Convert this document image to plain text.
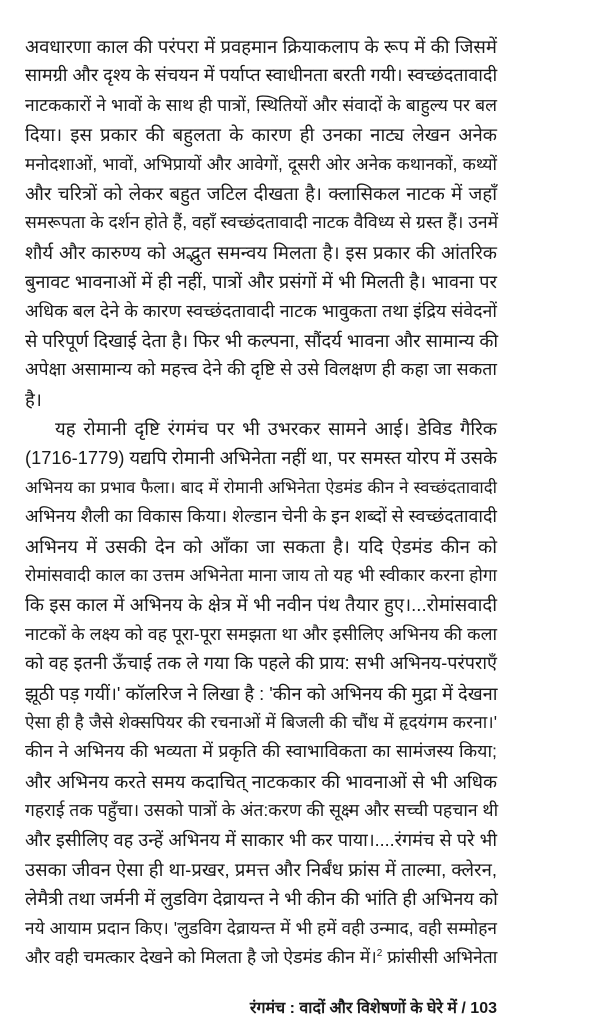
अवधारणा काल की परंपरा में प्रवहमान क्रियाकलाप के रूप में की जिसमें
सामग्री और दृश्य के संचयन में पर्याप्त स्वाधीनता बरती गयी। स्वच्छंदतावादी
नाटककारों ने भावों के साथ ही पात्रों, स्थितियों और संवादों के बाहुल्य पर बल
दिया। इस प्रकार की बहुलता के कारण ही उनका नाट्य लेखन अनेक
मनोदशाओं, भावों, अभिप्रायों और आवेगों, दूसरी ओर अनेक कथानकों, कथ्यों
और चरित्रों को लेकर बहुत जटिल दीखता है। क्लासिकल नाटक में जहाँ
समरूपता के दर्शन होते हैं, वहाँ स्वच्छंदतावादी नाटक वैविध्य से ग्रस्त हैं। उनमें
शौर्य और कारुण्य को अद्भुत समन्वय मिलता है। इस प्रकार की आंतरिक
बुनावट भावनाओं में ही नहीं, पात्रों और प्रसंगों में भी मिलती है। भावना पर
अधिक बल देने के कारण स्वच्छंदतावादी नाटक भावुकता तथा इंद्रिय संवेदनों
से परिपूर्ण दिखाई देता है। फिर भी कल्पना, सौंदर्य भावना और सामान्य की
अपेक्षा असामान्य को महत्त्व देने की दृष्टि से उसे विलक्षण ही कहा जा सकता
है।
यह रोमानी दृष्टि रंगमंच पर भी उभरकर सामने आई। डेविड गैरिक
(1716-1779) यद्यपि रोमानी अभिनेता नहीं था, पर समस्त योरप में उसके
अभिनय का प्रभाव फैला। बाद में रोमानी अभिनेता ऐडमंड कीन ने स्वच्छंदतावादी
अभिनय शैली का विकास किया। शेल्डान चेनी के इन शब्दों से स्वच्छंदतावादी
अभिनय में उसकी देन को आँका जा सकता है। यदि ऐडमंड कीन को
रोमांसवादी काल का उत्तम अभिनेता माना जाय तो यह भी स्वीकार करना होगा
कि इस काल में अभिनय के क्षेत्र में भी नवीन पंथ तैयार हुए।...रोमांसवादी
नाटकों के लक्ष्य को वह पूरा-पूरा समझता था और इसीलिए अभिनय की कला
को वह इतनी ऊँचाई तक ले गया कि पहले की प्राय: सभी अभिनय-परंपराएँ
झूठी पड़ गयीं।' कॉलरिज ने लिखा है : 'कीन को अभिनय की मुद्रा में देखना
ऐसा ही है जैसे शेक्सपियर की रचनाओं में बिजली की चौंध में हृदयंगम करना।'
कीन ने अभिनय की भव्यता में प्रकृति की स्वाभाविकता का सामंजस्य किया;
और अभिनय करते समय कदाचित् नाटककार की भावनाओं से भी अधिक
गहराई तक पहुँचा। उसको पात्रों के अंत:करण की सूक्ष्म और सच्ची पहचान थी
और इसीलिए वह उन्हें अभिनय में साकार भी कर पाया।....रंगमंच से परे भी
उसका जीवन ऐसा ही था-प्रखर, प्रमत्त और निर्बंध फ्रांस में ताल्मा, क्लेरन,
लेमैत्री तथा जर्मनी में लुडविग देव्रायन्त ने भी कीन की भांति ही अभिनय को
नये आयाम प्रदान किए। 'लुडविग देव्रायन्त में भी हमें वही उन्माद, वही सम्मोहन
और वही चमत्कार देखने को मिलता है जो ऐडमंड कीन में।$^2$ फ्रांसीसी अभिनेता
रंगमंच : वादों और विशेषणों के घेरे में / 103
